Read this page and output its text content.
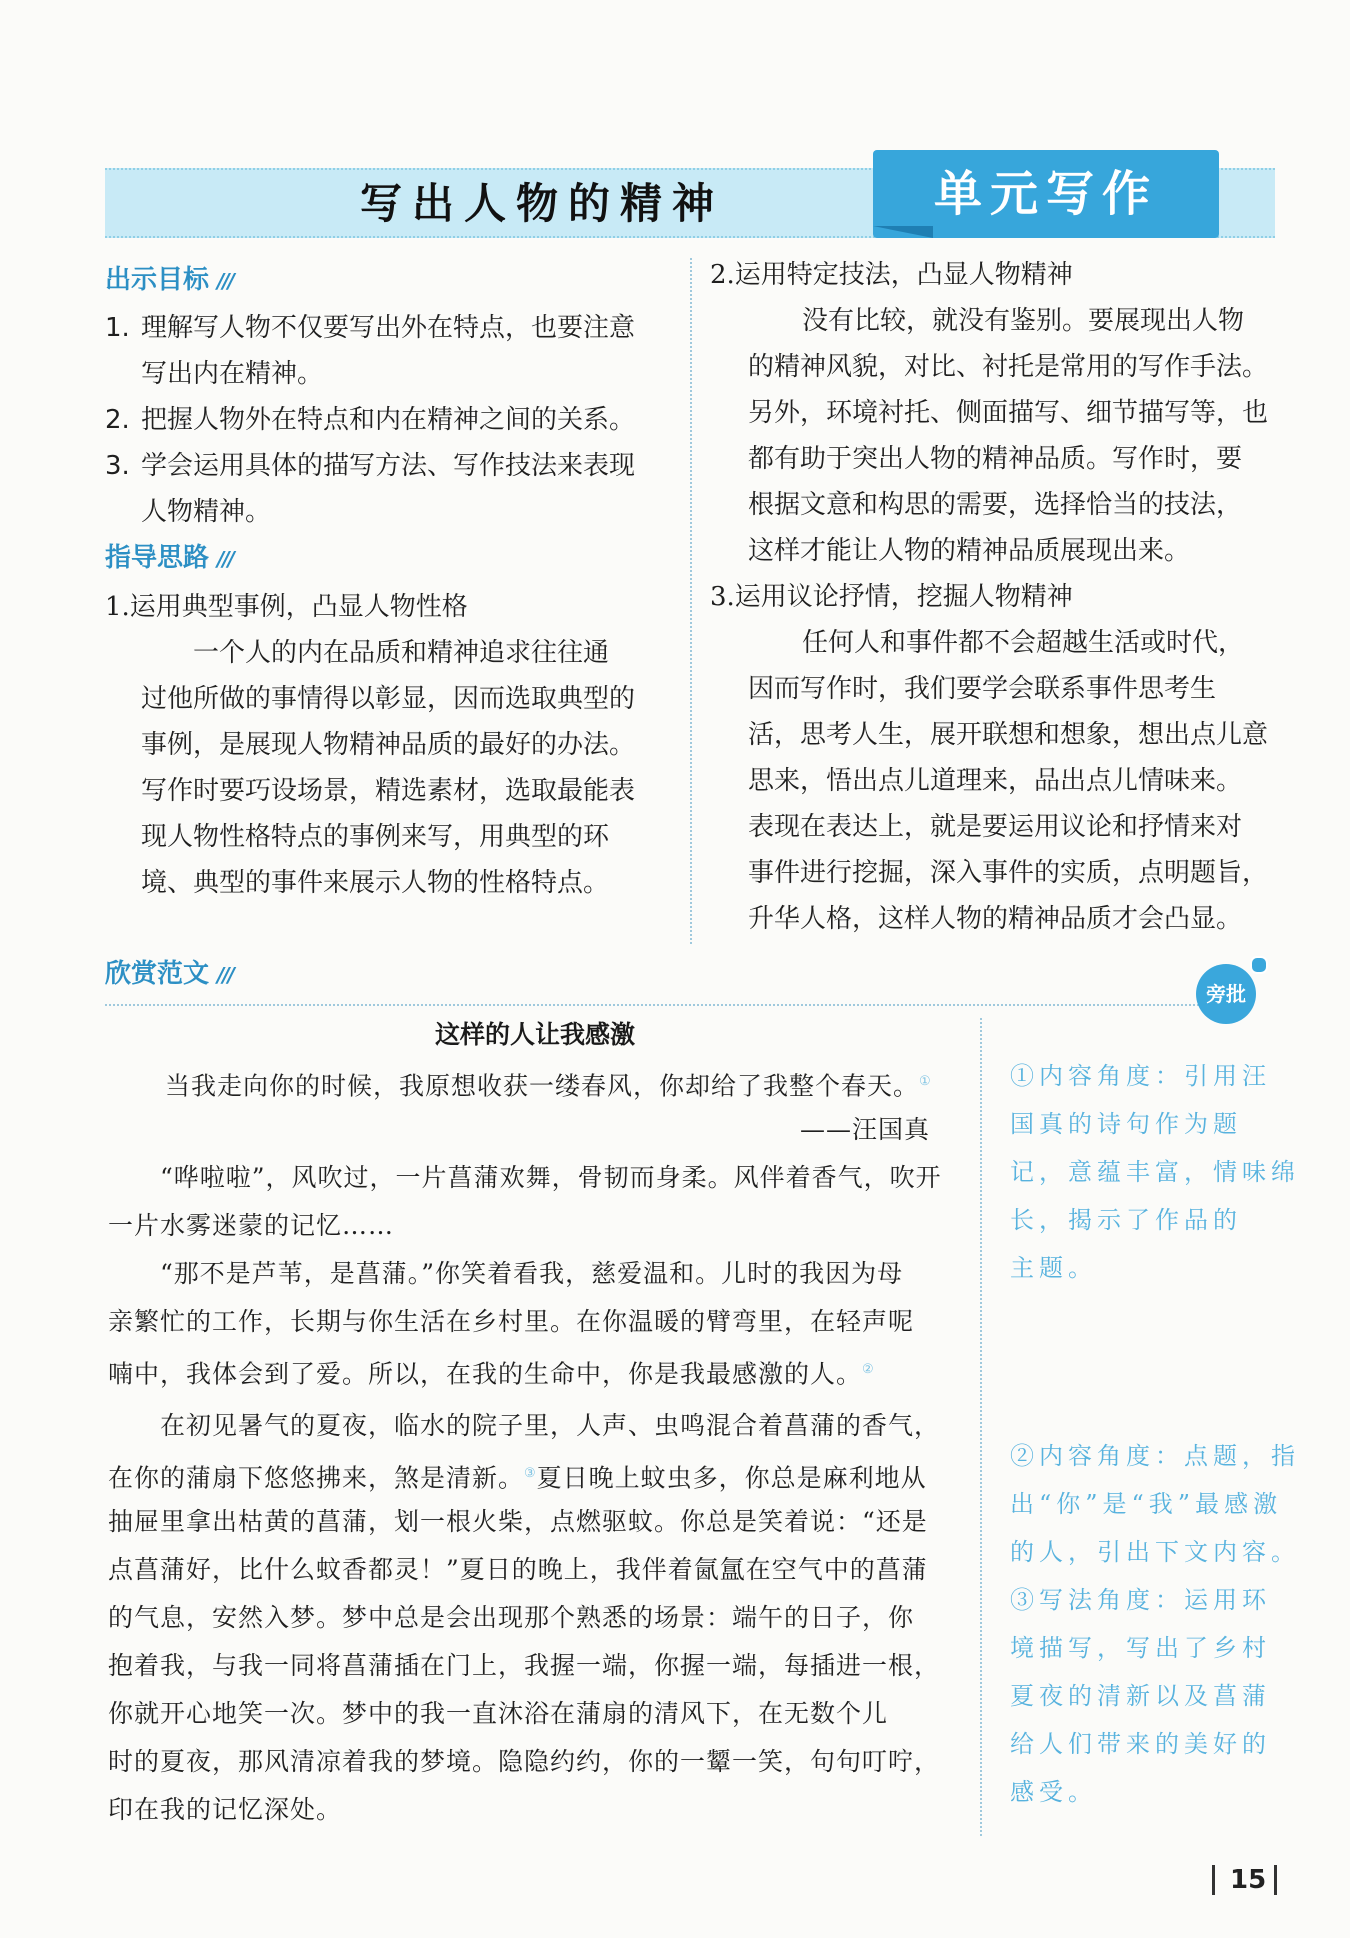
写出人物的精神	单元写作
出示目标 ///
1. 理解写人物不仅要写出外在特点，也要注意
写出内在精神。
2. 把握人物外在特点和内在精神之间的关系。
3. 学会运用具体的描写方法、写作技法来表现
人物精神。
指导思路 ///
1.运用典型事例，凸显人物性格
一个人的内在品质和精神追求往往通
过他所做的事情得以彰显，因而选取典型的
事例，是展现人物精神品质的最好的办法。
写作时要巧设场景，精选素材，选取最能表
现人物性格特点的事例来写，用典型的环
境、典型的事件来展示人物的性格特点。
2.运用特定技法，凸显人物精神
没有比较，就没有鉴别。要展现出人物
的精神风貌，对比、衬托是常用的写作手法。
另外，环境衬托、侧面描写、细节描写等，也
都有助于突出人物的精神品质。写作时，要
根据文意和构思的需要，选择恰当的技法，
这样才能让人物的精神品质展现出来。
3.运用议论抒情，挖掘人物精神
任何人和事件都不会超越生活或时代，
因而写作时，我们要学会联系事件思考生
活，思考人生，展开联想和想象，想出点儿意
思来，悟出点儿道理来，品出点儿情味来。
表现在表达上，就是要运用议论和抒情来对
事件进行挖掘，深入事件的实质，点明题旨，
升华人格，这样人物的精神品质才会凸显。
欣赏范文 ///
旁批
这样的人让我感激
当我走向你的时候，我原想收获一缕春风，你却给了我整个春天。①
——汪国真
“哗啦啦”，风吹过，一片菖蒲欢舞，骨韧而身柔。风伴着香气，吹开
一片水雾迷蒙的记忆……
“那不是芦苇，是菖蒲。”你笑着看我，慈爱温和。儿时的我因为母
亲繁忙的工作，长期与你生活在乡村里。在你温暖的臂弯里，在轻声呢
喃中，我体会到了爱。所以，在我的生命中，你是我最感激的人。②
在初见暑气的夏夜，临水的院子里，人声、虫鸣混合着菖蒲的香气，
在你的蒲扇下悠悠拂来，煞是清新。③夏日晚上蚊虫多，你总是麻利地从
抽屉里拿出枯黄的菖蒲，划一根火柴，点燃驱蚊。你总是笑着说：“还是
点菖蒲好，比什么蚊香都灵！”夏日的晚上，我伴着氤氲在空气中的菖蒲
的气息，安然入梦。梦中总是会出现那个熟悉的场景：端午的日子，你
抱着我，与我一同将菖蒲插在门上，我握一端，你握一端，每插进一根，
你就开心地笑一次。梦中的我一直沐浴在蒲扇的清风下，在无数个儿
时的夏夜，那风清凉着我的梦境。隐隐约约，你的一颦一笑，句句叮咛，
印在我的记忆深处。
①内容角度：引用汪
国真的诗句作为题
记，意蕴丰富，情味绵
长，揭示了作品的
主题。
②内容角度：点题，指
出“你”是“我”最感激
的人，引出下文内容。
③写法角度：运用环
境描写，写出了乡村
夏夜的清新以及菖蒲
给人们带来的美好的
感受。
15
